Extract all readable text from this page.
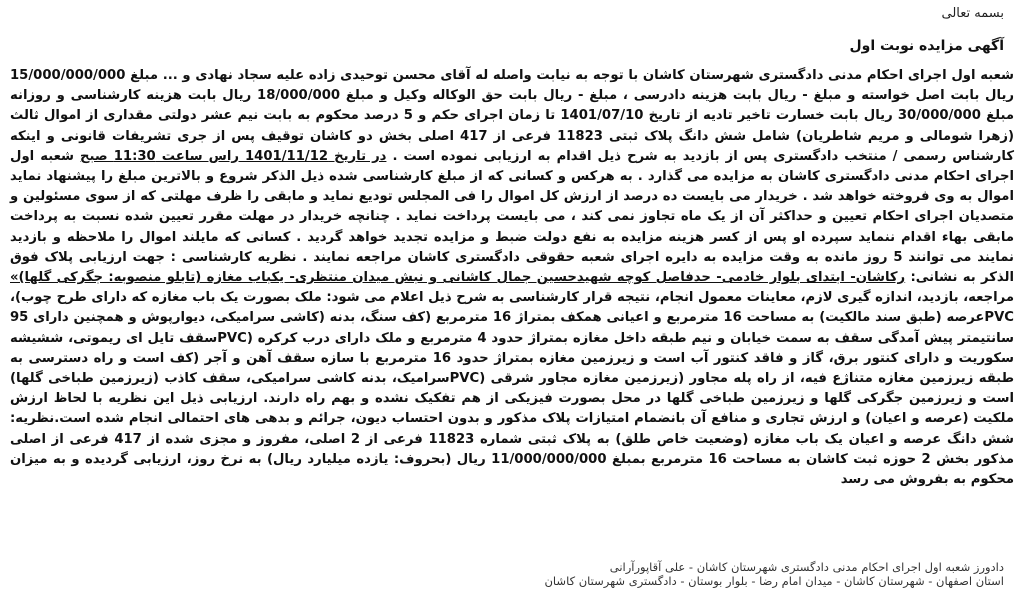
بسمه تعالی
آگهی مزایده نوبت اول
شعبه اول اجرای احکام مدنی دادگستری شهرستان کاشان با توجه به نیابت واصله له آقای محسن توحیدی زاده علیه سجاد نهادی و ... مبلغ 15/000/000/000 ریال بابت اصل خواسته و مبلغ - ریال بابت هزینه دادرسی ، مبلغ - ریال بابت حق الوکاله وکیل و مبلغ 18/000/000 ریال بابت هزینه کارشناسی و روزانه مبلغ 30/000/000 ریال بابت خسارت تاخیر تادیه از تاریخ 1401/07/10 تا زمان اجرای حکم و 5 درصد محکوم به بابت نیم عشر دولتی مقداری از اموال ثالث (زهرا شومالی و مریم شاطریان) شامل شش دانگ پلاک ثبتی 11823 فرعی از 417 اصلی بخش دو کاشان توقیف پس از جری تشریفات قانونی و اینکه کارشناس رسمی / منتخب دادگستری پس از بازدید به شرح ذیل اقدام به ارزیابی نموده است . در تاریخ 1401/11/12 راس ساعت 11:30 صبح شعبه اول اجرای احکام مدنی دادگستری کاشان به مزایده می گذارد . به هرکس و کسانی که از مبلغ کارشناسی شده ذیل الذکر شروع و بالاترین مبلغ را پیشنهاد نماید اموال به وی فروخته خواهد شد . خریدار می بایست ده درصد از ارزش کل اموال را فی المجلس تودیع نماید و مابقی را ظرف مهلتی که از سوی مسئولین و متصدیان اجرای احکام تعیین و حداکثر آن از یک ماه تجاوز نمی کند ، می بایست پرداخت نماید . چنانچه خریدار در مهلت مقرر تعیین شده نسبت به پرداخت مابقی بهاء اقدام ننماید سپرده او پس از کسر هزینه مزایده به نفع دولت ضبط و مزایده تجدید خواهد گردید . کسانی که مایلند اموال را ملاحظه و بازدید نمایند می توانند 5 روز مانده به وقت مزایده به دایره اجرای شعبه حقوقی دادگستری کاشان مراجعه نمایند . نظریه کارشناسی : جهت ارزیابی پلاک فوق الذکر به نشانی: رکاشان- ابتدای بلوار خادمی- حدفاصل کوچه شهیدحسین جمال کاشانی و نبش میدان منتظری- یکباب مغازه (تابلو منصوبه: جگرکی گلها)» مراجعه، بازدید، اندازه گیری لازم، معاینات معمول انجام، نتیجه قرار کارشناسی به شرح ذیل اعلام می شود: ملک بصورت یک باب مغازه که دارای طرح چوب)، PVCعرصه (طبق سند مالکیت) به مساحت 16 مترمربع و اعیانی همکف بمتراژ 16 مترمربع (کف سنگ، بدنه (کاشی سرامیکی، دیوارپوش و همچنین دارای 95 سانتیمتر پیش آمدگی سقف به سمت خیابان و نیم طبقه داخل مغازه بمتراژ حدود 4 مترمربع و ملک دارای درب کرکره (PVCسقف تایل ای ریموتی، ششیشه سکوریت و دارای کنتور برق، گاز و فاقد کنتور آب است و زیرزمین مغازه بمتراژ حدود 16 مترمربع با سازه سقف آهن و آجر (کف است و راه دسترسی به طبقه زیرزمین مغازه متناژع فیه، از راه پله مجاور (زیرزمین مغازه مجاور شرقی (PVCسرامیک، بدنه کاشی سرامیکی، سقف کاذب (زیرزمین طباخی گلها) است و زیرزمین جگرکی گلها و زیرزمین طباخی گلها در محل بصورت فیزیکی از هم تفکیک نشده و بهم راه دارند. ارزیابی ذیل این نظریه با لحاظ ارزش ملکیت (عرصه و اعیان) و ارزش تجاری و منافع آن بانضمام امتیازات پلاک مذکور و بدون احتساب دیون، جرائم و بدهی های احتمالی انجام شده است.نظریه: شش دانگ عرصه و اعیان یک باب مغازه (وضعیت خاص طلق) به پلاک ثبتی شماره 11823 فرعی از 2 اصلی، مفروز و مجزی شده از 417 فرعی از اصلی مذکور بخش 2 حوزه ثبت کاشان به مساحت 16 مترمربع بمبلغ 11/000/000/000 ریال (بحروف: یازده میلیارد ریال) به نرخ روز، ارزیابی گردیده و به میزان محکوم به بفروش می رسد
دادورز شعبه اول اجرای احکام مدنی دادگستری شهرستان کاشان - علی آقاپورآرانی
استان اصفهان - شهرستان کاشان - میدان امام رضا - بلوار بوستان - دادگستری شهرستان کاشان
